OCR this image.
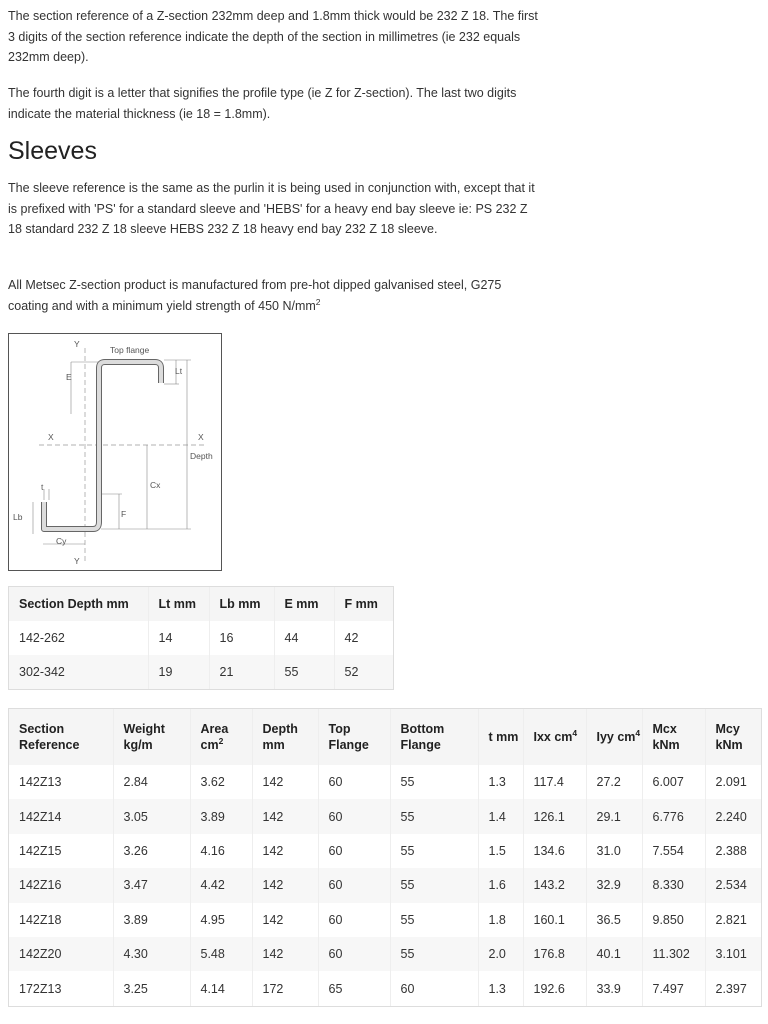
The section reference of a Z-section 232mm deep and 1.8mm thick would be 232 Z 18. The first 3 digits of the section reference indicate the depth of the section in millimetres (ie 232 equals 232mm deep).

The fourth digit is a letter that signifies the profile type (ie Z for Z-section). The last two digits indicate the material thickness (ie 18 = 1.8mm).

Sleeves

The sleeve reference is the same as the purlin it is being used in conjunction with, except that it is prefixed with 'PS' for a standard sleeve and 'HEBS' for a heavy end bay sleeve ie: PS 232 Z 18 standard 232 Z 18 sleeve HEBS 232 Z 18 heavy end bay 232 Z 18 sleeve.

All Metsec Z-section product is manufactured from pre-hot dipped galvanised steel, G275 coating and with a minimum yield strength of 450 $N/mm^2$

Y
Top flange
Lt
E
X	X
Depth
Cx
t
F
Lb
Cy
Y
Section Depth mm	Lt mm	Lb mm	E mm	F mm
142-262	14	16	44	42
302-342	19	21	55	52
Section Reference	Weight kg/m	Area $cm^2$	Depth mm	Top Flange	Bottom Flange	t mm	Ixx $cm^4$	Iyy $cm^4$	Mcx kNm	Mcy kNm
142Z13	2.84	3.62	142	60	55	1.3	117.4	27.2	6.007	2.091
142Z14	3.05	3.89	142	60	55	1.4	126.1	29.1	6.776	2.240
142Z15	3.26	4.16	142	60	55	1.5	134.6	31.0	7.554	2.388
142Z16	3.47	4.42	142	60	55	1.6	143.2	32.9	8.330	2.534
142Z18	3.89	4.95	142	60	55	1.8	160.1	36.5	9.850	2.821
142Z20	4.30	5.48	142	60	55	2.0	176.8	40.1	11.302	3.101
172Z13	3.25	4.14	172	65	60	1.3	192.6	33.9	7.497	2.397
